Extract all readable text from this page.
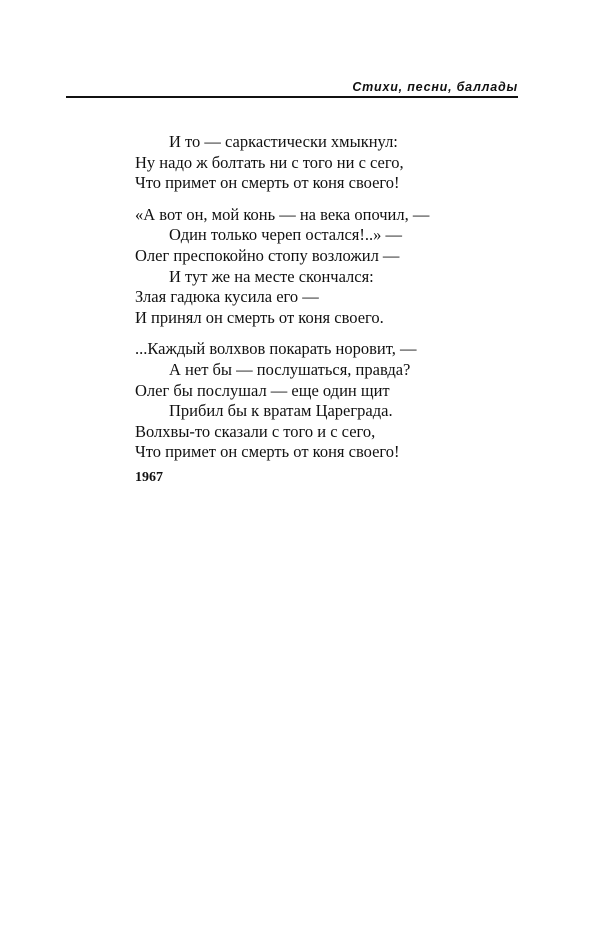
Стихи, песни, баллады
И то — саркастически хмыкнул:
Ну надо ж болтать ни с того ни с сего,
Что примет он смерть от коня своего!
«А вот он, мой конь — на века опочил, —
Один только череп остался!..» —
Олег преспокойно стопу возложил —
И тут же на месте скончался:
Злая гадюка кусила его —
И принял он смерть от коня своего.
...Каждый волхвов покарать норовит, —
А нет бы — послушаться, правда?
Олег бы послушал — еще один щит
Прибил бы к вратам Цареграда.
Волхвы-то сказали с того и с сего,
Что примет он смерть от коня своего!
1967
